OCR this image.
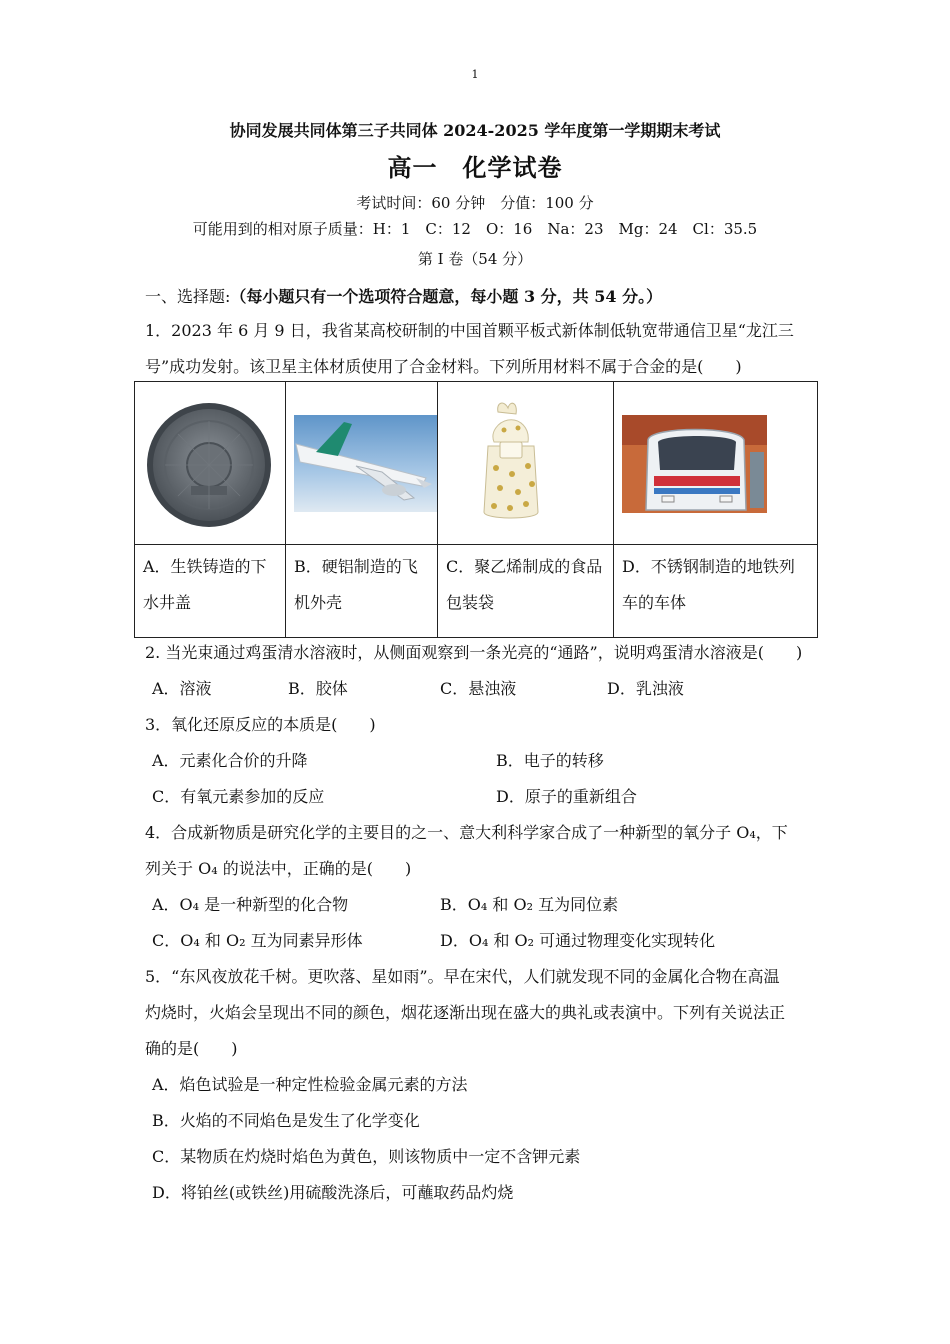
1
协同发展共同体第三子共同体 2024-2025 学年度第一学期期末考试
高一　化学试卷
考试时间：60 分钟　分值：100 分
可能用到的相对原子质量：H：1　C：12　O：16　Na：23　Mg：24　Cl：35.5
第 I 卷（54 分）
一、选择题:（每小题只有一个选项符合题意，每小题 3 分，共 54 分。）
1．2023 年 6 月 9 日，我省某高校研制的中国首颗平板式新体制低轨宽带通信卫星“龙江三
号”成功发射。该卫星主体材质使用了合金材料。下列所用材料不属于合金的是(　　)

A．生铁铸造的下水井盖	B．硬铝制造的飞机外壳	C．聚乙烯制成的食品包装袋	D．不锈钢制造的地铁列车的车体
2. 当光束通过鸡蛋清水溶液时，从侧面观察到一条光亮的“通路”，说明鸡蛋清水溶液是(　　)
A．溶液	B．胶体	C．悬浊液	D．乳浊液
3．氧化还原反应的本质是(　　)
A．元素化合价的升降	B．电子的转移
C．有氧元素参加的反应	D．原子的重新组合
4．合成新物质是研究化学的主要目的之一、意大利科学家合成了一种新型的氧分子 O₄，下
列关于 O₄ 的说法中，正确的是(　　)
A．O₄ 是一种新型的化合物	B．O₄ 和 O₂ 互为同位素
C．O₄ 和 O₂ 互为同素异形体	D．O₄ 和 O₂ 可通过物理变化实现转化
5．“东风夜放花千树。更吹落、星如雨”。早在宋代，人们就发现不同的金属化合物在高温
灼烧时，火焰会呈现出不同的颜色，烟花逐渐出现在盛大的典礼或表演中。下列有关说法正
确的是(　　)
A．焰色试验是一种定性检验金属元素的方法
B．火焰的不同焰色是发生了化学变化
C．某物质在灼烧时焰色为黄色，则该物质中一定不含钾元素
D．将铂丝(或铁丝)用硫酸洗涤后，可蘸取药品灼烧
